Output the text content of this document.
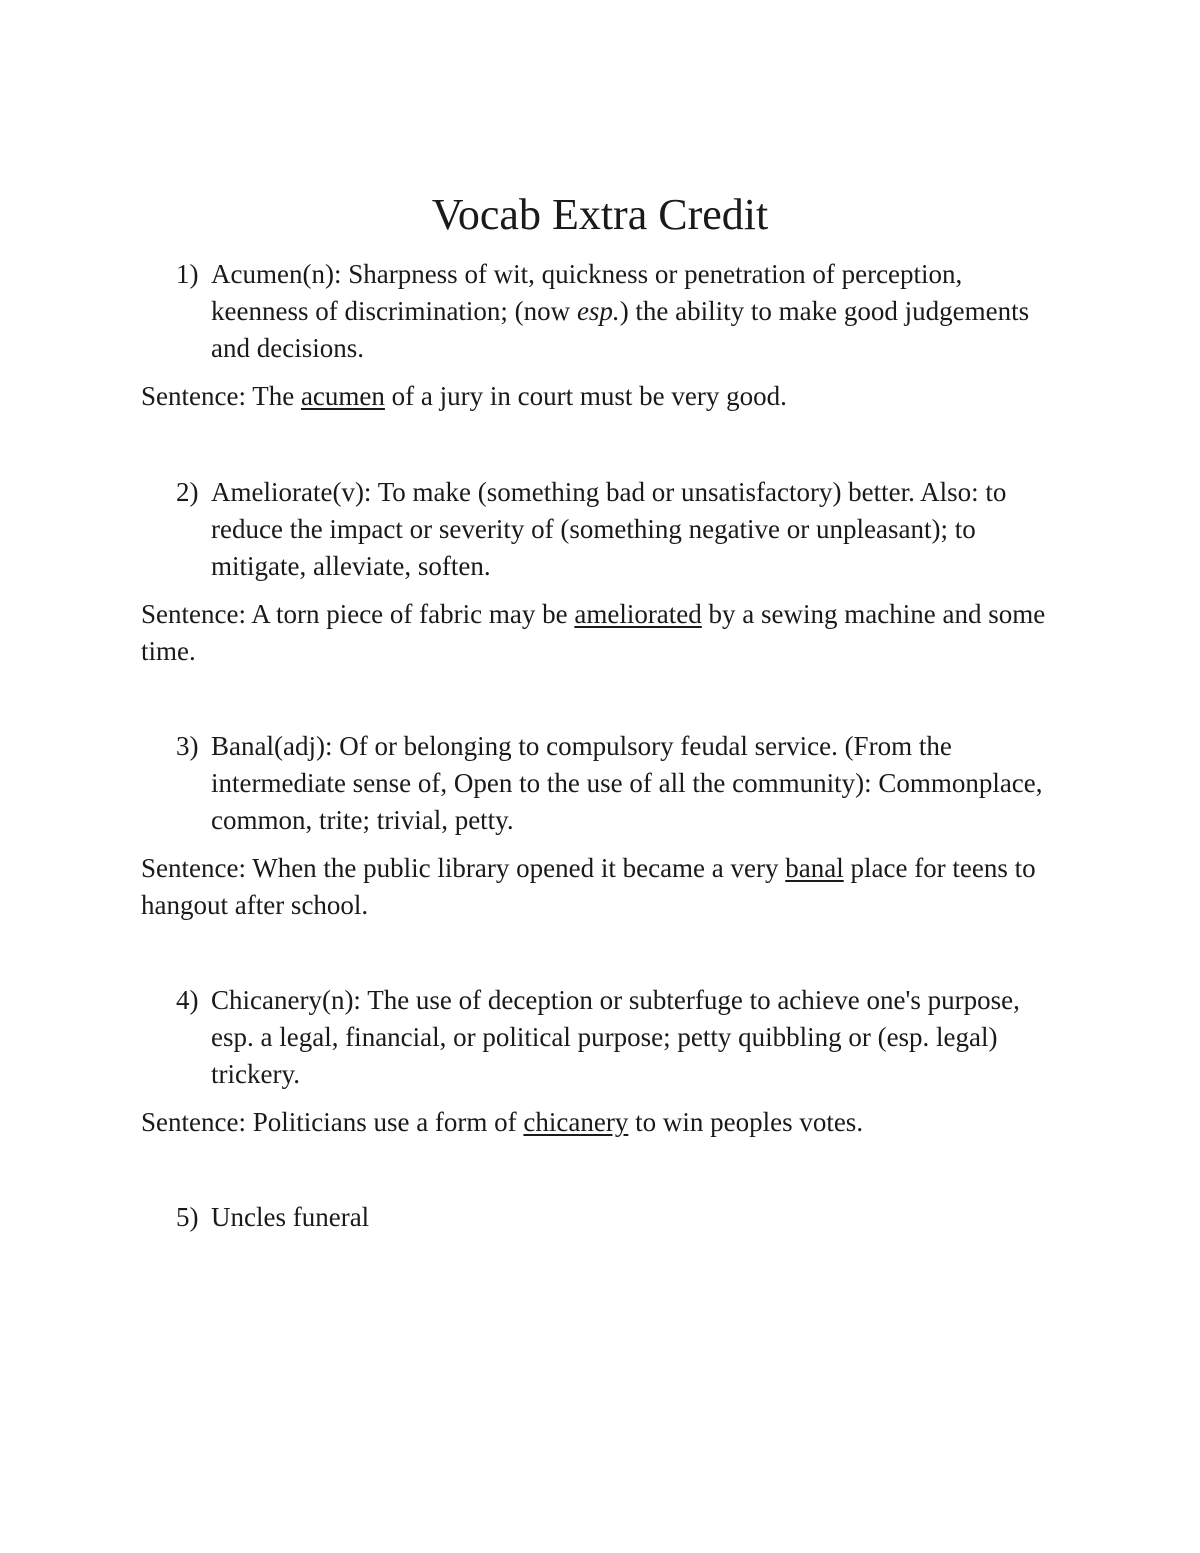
Vocab Extra Credit
1) Acumen(n): Sharpness of wit, quickness or penetration of perception, keenness of discrimination; (now esp.) the ability to make good judgements and decisions.
Sentence: The acumen of a jury in court must be very good.
2) Ameliorate(v): To make (something bad or unsatisfactory) better. Also: to reduce the impact or severity of (something negative or unpleasant); to mitigate, alleviate, soften.
Sentence: A torn piece of fabric may be ameliorated by a sewing machine and some time.
3) Banal(adj): Of or belonging to compulsory feudal service. (From the intermediate sense of, Open to the use of all the community): Commonplace, common, trite; trivial, petty.
Sentence: When the public library opened it became a very banal place for teens to hangout after school.
4) Chicanery(n): The use of deception or subterfuge to achieve one's purpose, esp. a legal, financial, or political purpose; petty quibbling or (esp. legal) trickery.
Sentence: Politicians use a form of chicanery to win peoples votes.
5) Uncles funeral
